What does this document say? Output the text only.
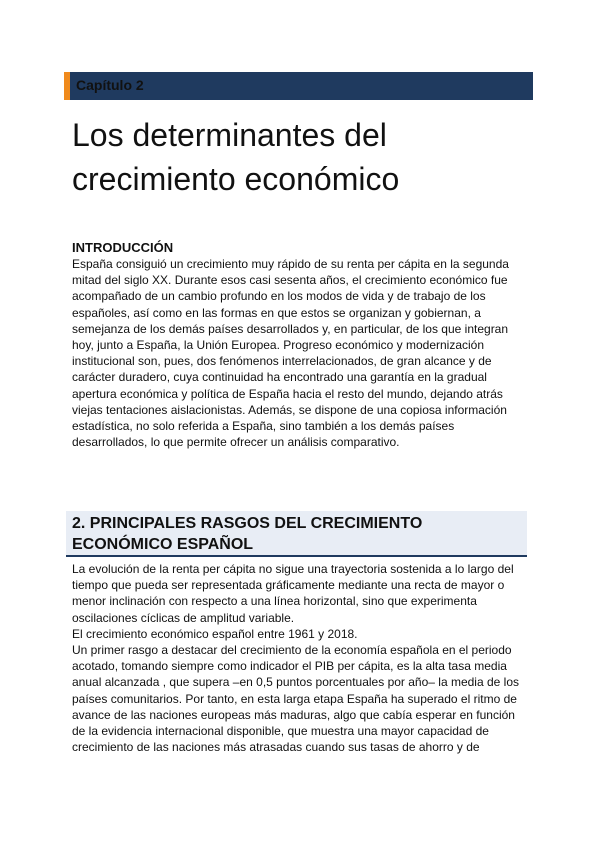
Capítulo 2
Los determinantes del crecimiento económico
INTRODUCCIÓN

España consiguió un crecimiento muy rápido de su renta per cápita en la segunda mitad del siglo XX. Durante esos casi sesenta años, el crecimiento económico fue acompañado de un cambio profundo en los modos de vida y de trabajo de los españoles, así como en las formas en que estos se organizan y gobiernan, a semejanza de los demás países desarrollados y, en particular, de los que integran hoy, junto a España, la Unión Europea. Progreso económico y modernización institucional son, pues, dos fenómenos interrelacionados, de gran alcance y de carácter duradero, cuya continuidad ha encontrado una garantía en la gradual apertura económica y política de España hacia el resto del mundo, dejando atrás viejas tentaciones aislacionistas. Además, se dispone de una copiosa información estadística, no solo referida a España, sino también a los demás países desarrollados, lo que permite ofrecer un análisis comparativo.

2. PRINCIPALES RASGOS DEL CRECIMIENTO ECONÓMICO ESPAÑOL

La evolución de la renta per cápita no sigue una trayectoria sostenida a lo largo del tiempo que pueda ser representada gráficamente mediante una recta de mayor o menor inclinación con respecto a una línea horizontal, sino que experimenta oscilaciones cíclicas de amplitud variable.

El crecimiento económico español entre 1961 y 2018.

Un primer rasgo a destacar del crecimiento de la economía española en el periodo acotado, tomando siempre como indicador el PIB per cápita, es la alta tasa media anual alcanzada , que supera –en 0,5 puntos porcentuales por año– la media de los países comunitarios. Por tanto, en esta larga etapa España ha superado el ritmo de avance de las naciones europeas más maduras, algo que cabía esperar en función de la evidencia internacional disponible, que muestra una mayor capacidad de crecimiento de las naciones más atrasadas cuando sus tasas de ahorro y de
